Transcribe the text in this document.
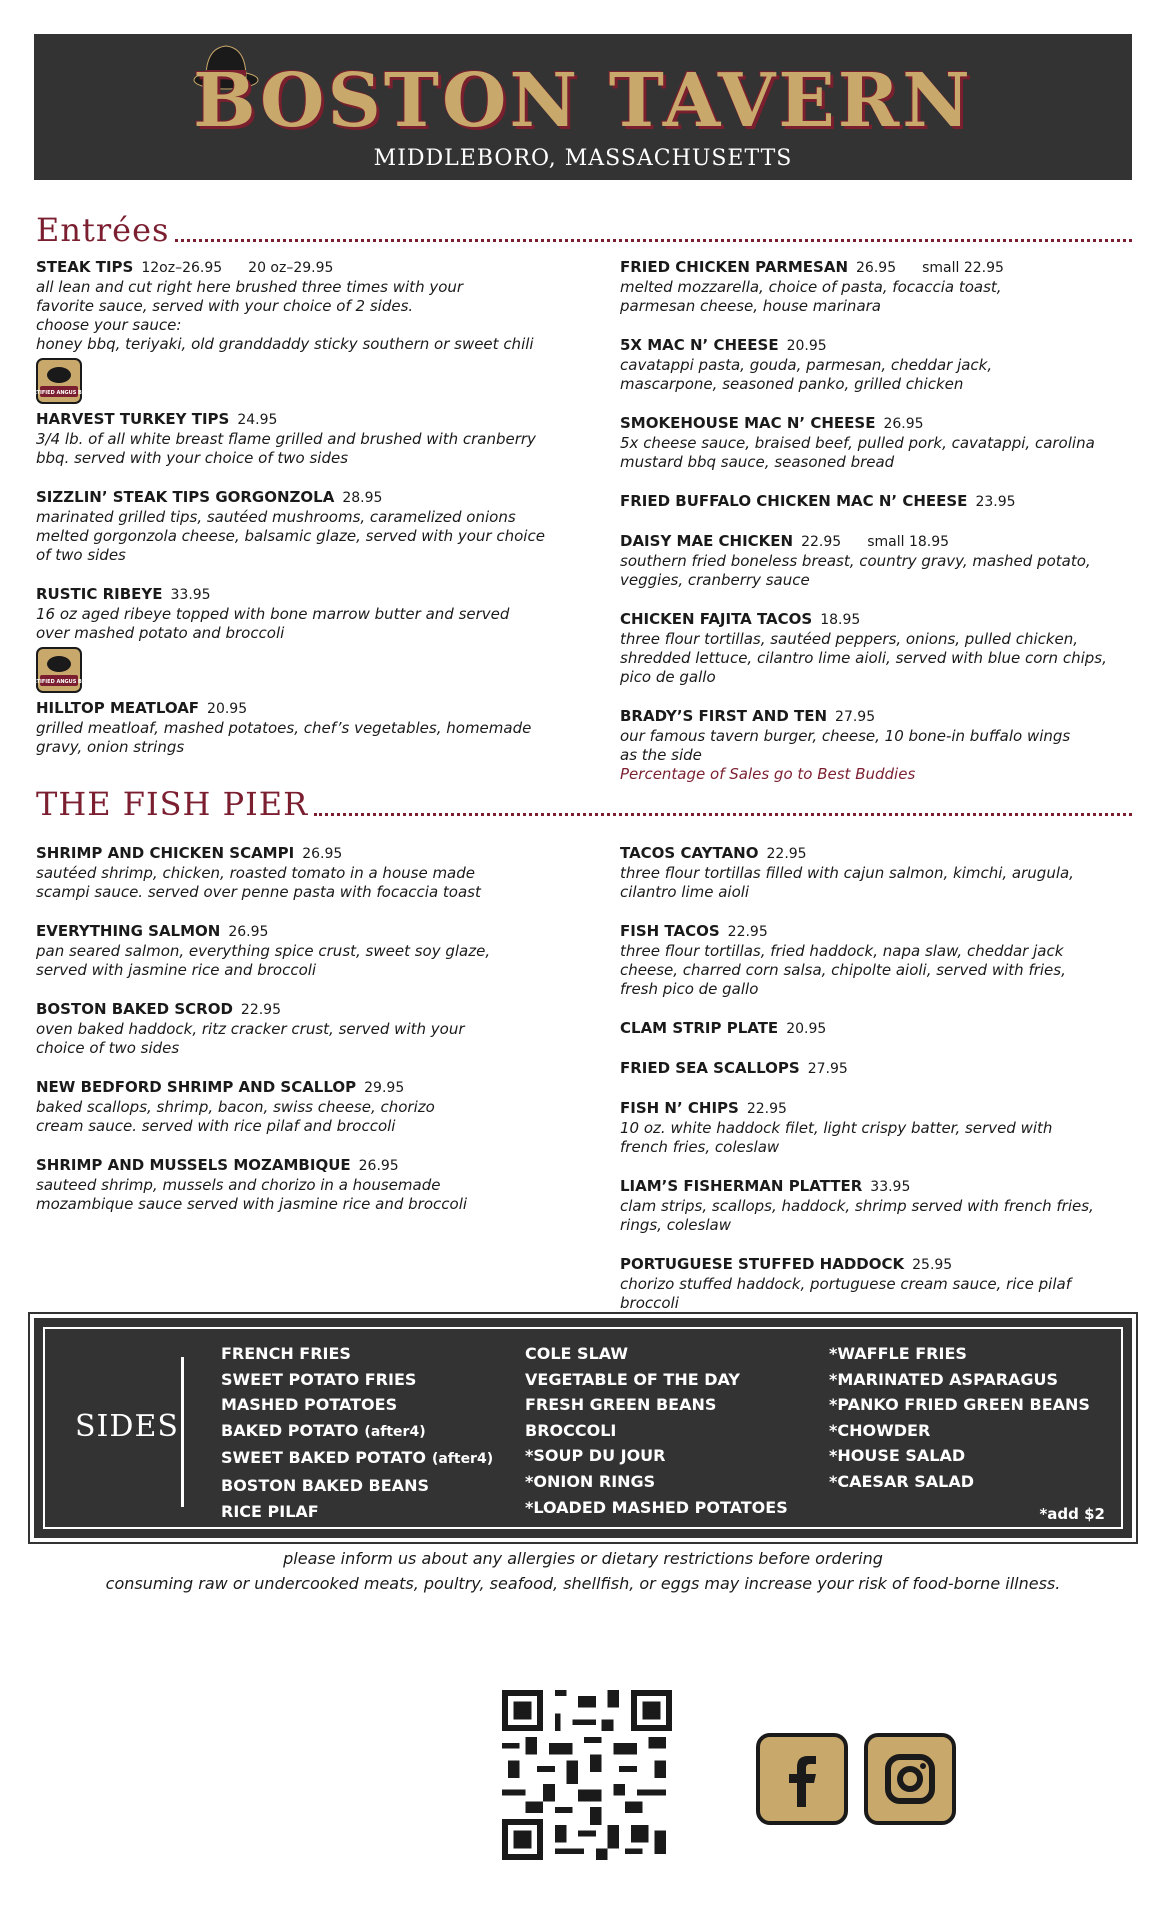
BOSTON TAVERN
MIDDLEBORO, MASSACHUSETTS
Entrées
STEAK TIPS 12oz–26.95 20 oz–29.95
all lean and cut right here brushed three times with your
favorite sauce, served with your choice of 2 sides.
choose your sauce:
honey bbq, teriyaki, old granddaddy sticky southern or sweet chili
CERTIFIED ANGUS BEEF
HARVEST TURKEY TIPS 24.95
3/4 lb. of all white breast flame grilled and brushed with cranberry
bbq. served with your choice of two sides
SIZZLIN’ STEAK TIPS GORGONZOLA 28.95
marinated grilled tips, sautéed mushrooms, caramelized onions
melted gorgonzola cheese, balsamic glaze, served with your choice
of two sides
RUSTIC RIBEYE 33.95
16 oz aged ribeye topped with bone marrow butter and served
over mashed potato and broccoli
CERTIFIED ANGUS BEEF
HILLTOP MEATLOAF 20.95
grilled meatloaf, mashed potatoes, chef’s vegetables, homemade
gravy, onion strings
FRIED CHICKEN PARMESAN 26.95 small 22.95
melted mozzarella, choice of pasta, focaccia toast,
parmesan cheese, house marinara
5X MAC N’ CHEESE 20.95
cavatappi pasta, gouda, parmesan, cheddar jack,
mascarpone, seasoned panko, grilled chicken
SMOKEHOUSE MAC N’ CHEESE 26.95
5x cheese sauce, braised beef, pulled pork, cavatappi, carolina
mustard bbq sauce, seasoned bread
FRIED BUFFALO CHICKEN MAC N’ CHEESE 23.95
DAISY MAE CHICKEN 22.95 small 18.95
southern fried boneless breast, country gravy, mashed potato,
veggies, cranberry sauce
CHICKEN FAJITA TACOS 18.95
three flour tortillas, sautéed peppers, onions, pulled chicken,
shredded lettuce, cilantro lime aioli, served with blue corn chips,
pico de gallo
BRADY’S FIRST AND TEN 27.95
our famous tavern burger, cheese, 10 bone-in buffalo wings
as the side
Percentage of Sales go to Best Buddies
THE FISH PIER
SHRIMP AND CHICKEN SCAMPI 26.95
sautéed shrimp, chicken, roasted tomato in a house made
scampi sauce. served over penne pasta with focaccia toast
EVERYTHING SALMON 26.95
pan seared salmon, everything spice crust, sweet soy glaze,
served with jasmine rice and broccoli
BOSTON BAKED SCROD 22.95
oven baked haddock, ritz cracker crust, served with your
choice of two sides
NEW BEDFORD SHRIMP AND SCALLOP 29.95
baked scallops, shrimp, bacon, swiss cheese, chorizo
cream sauce. served with rice pilaf and broccoli
SHRIMP AND MUSSELS MOZAMBIQUE 26.95
sauteed shrimp, mussels and chorizo in a housemade
mozambique sauce served with jasmine rice and broccoli
TACOS CAYTANO 22.95
three flour tortillas filled with cajun salmon, kimchi, arugula,
cilantro lime aioli
FISH TACOS 22.95
three flour tortillas, fried haddock, napa slaw, cheddar jack
cheese, charred corn salsa, chipolte aioli, served with fries,
fresh pico de gallo
CLAM STRIP PLATE 20.95
FRIED SEA SCALLOPS 27.95
FISH N’ CHIPS 22.95
10 oz. white haddock filet, light crispy batter, served with
french fries, coleslaw
LIAM’S FISHERMAN PLATTER 33.95
clam strips, scallops, haddock, shrimp served with french fries,
rings, coleslaw
PORTUGUESE STUFFED HADDOCK 25.95
chorizo stuffed haddock, portuguese cream sauce, rice pilaf
broccoli
SIDES
FRENCH FRIES
SWEET POTATO FRIES
MASHED POTATOES
BAKED POTATO (after4)
SWEET BAKED POTATO (after4)
BOSTON BAKED BEANS
RICE PILAF
COLE SLAW
VEGETABLE OF THE DAY
FRESH GREEN BEANS
BROCCOLI
*SOUP DU JOUR
*ONION RINGS
*LOADED MASHED POTATOES
*WAFFLE FRIES
*MARINATED ASPARAGUS
*PANKO FRIED GREEN BEANS
*CHOWDER
*HOUSE SALAD
*CAESAR SALAD
*add $2
please inform us about any allergies or dietary restrictions before ordering
consuming raw or undercooked meats, poultry, seafood, shellfish, or eggs may increase your risk of food-borne illness.
